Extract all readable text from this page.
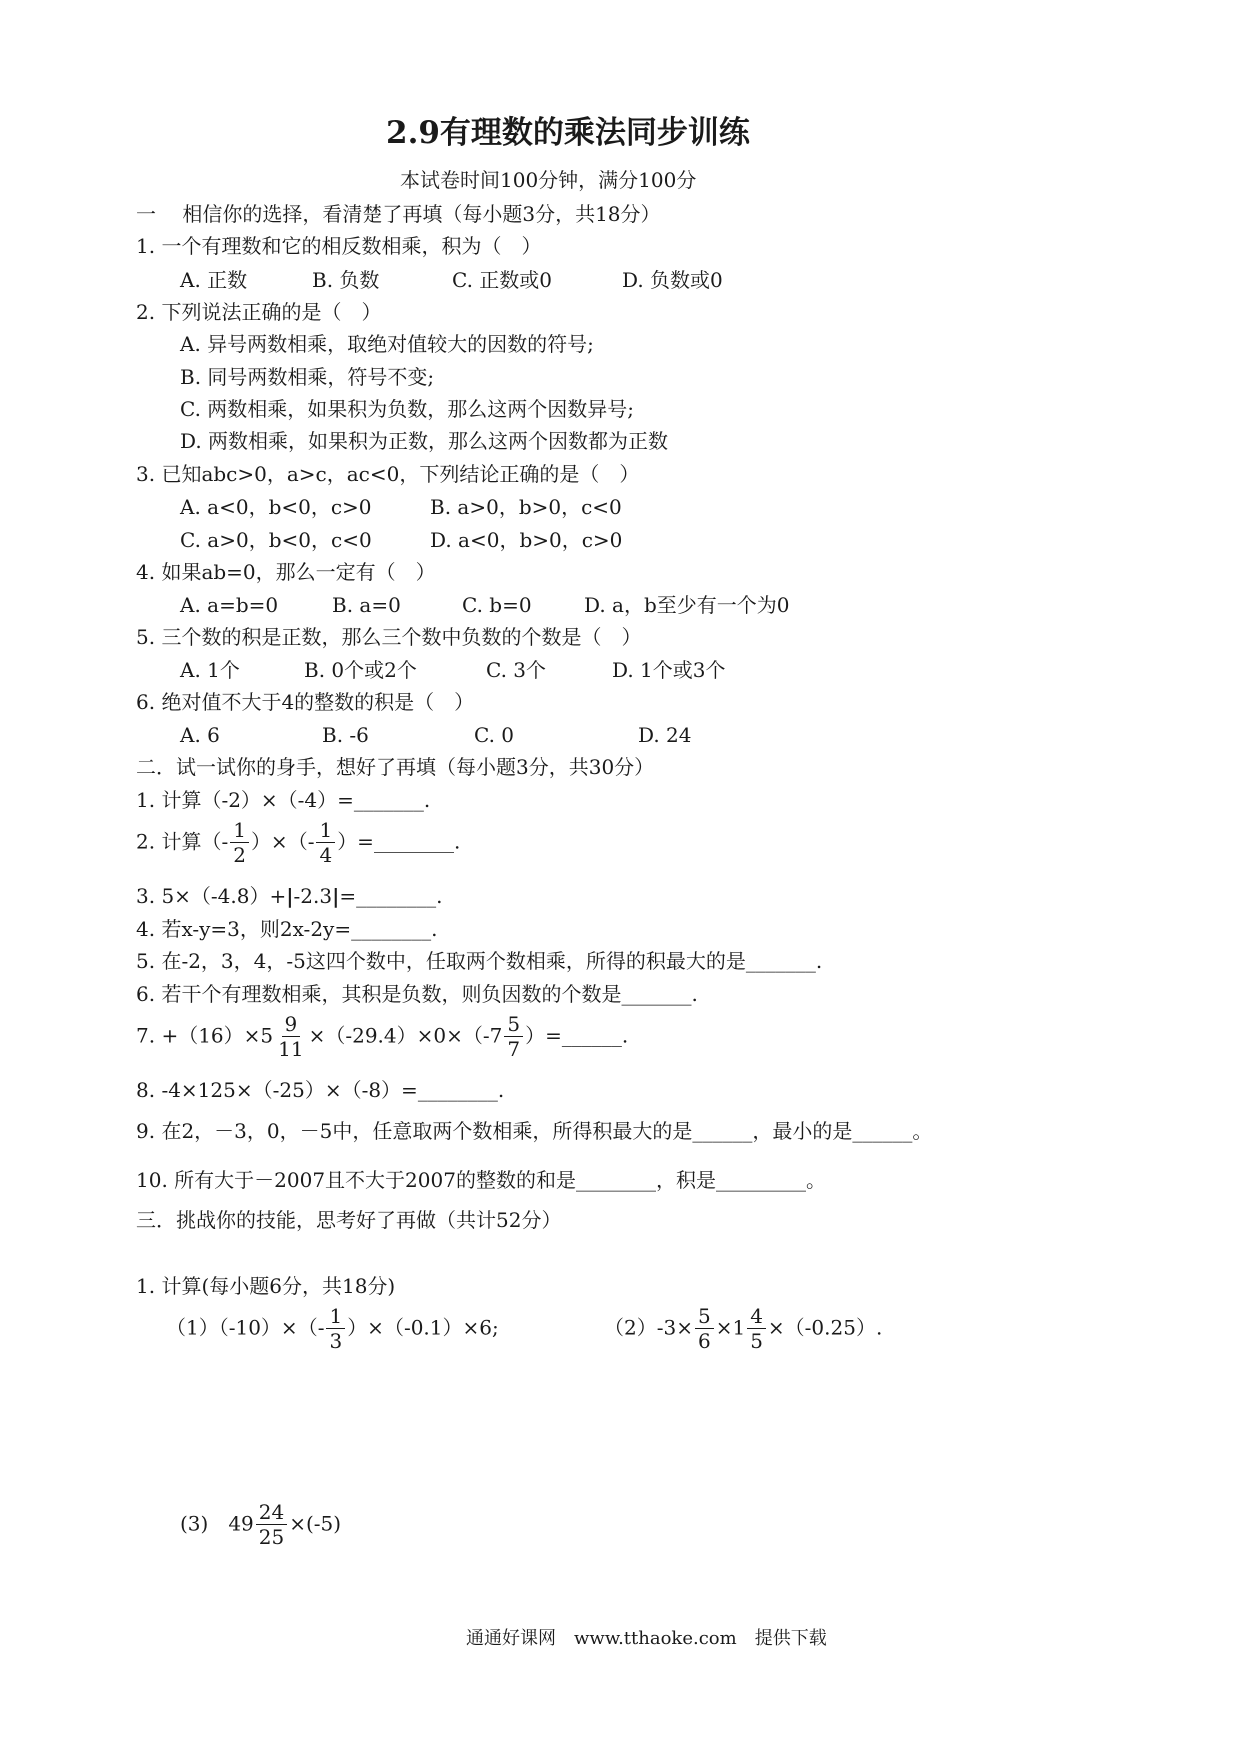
2.9有理数的乘法同步训练
本试卷时间100分钟，满分100分
一　 相信你的选择，看清楚了再填（每小题3分，共18分）
1. 一个有理数和它的相反数相乘，积为（　）
A. 正数	B. 负数	C. 正数或0	D. 负数或0
2. 下列说法正确的是（　）
A. 异号两数相乘，取绝对值较大的因数的符号;
B. 同号两数相乘，符号不变;
C. 两数相乘，如果积为负数，那么这两个因数异号;
D. 两数相乘，如果积为正数，那么这两个因数都为正数
3. 已知abc>0，a>c，ac<0，下列结论正确的是（　）
A. a<0，b<0，c>0	B. a>0，b>0，c<0
C. a>0，b<0，c<0	D. a<0，b>0，c>0
4. 如果ab=0，那么一定有（　）
A. a=b=0	B. a=0	C. b=0	D. a，b至少有一个为0
5. 三个数的积是正数，那么三个数中负数的个数是（　）
A. 1个	B. 0个或2个	C. 3个	D. 1个或3个
6. 绝对值不大于4的整数的积是（　）
A. 6	B. -6	C. 0	D. 24
二．试一试你的身手，想好了再填（每小题3分，共30分）
1. 计算（-2）×（-4）=_______.
2. 计算（- $\frac{1}{2}$ ）×（- $\frac{1}{4}$ ）=________.
3. 5×（-4.8）+|-2.3|=________.
4. 若x-y=3，则2x-2y=________.
5. 在-2，3，4，-5这四个数中，任取两个数相乘，所得的积最大的是_______.
6. 若干个有理数相乘，其积是负数，则负因数的个数是_______.
7. $+(16)\times 5 \frac{9}{11} \times(-29.4)\times 0\times(-7 \frac{5}{7}$ ）=______.
8. -4×125×（-25）×（-8）=________.
9. 在2，－3，0，－5中，任意取两个数相乘，所得积最大的是______，最小的是______。
10. 所有大于－2007且不大于2007的整数的和是________，积是_________。
三．挑战你的技能，思考好了再做（共计52分）
1. 计算(每小题6分，共18分)
$(1)(-10)\times(- \frac{1}{3} )\times(-0.1)\times 6$;	$(2)-3\times \frac{5}{6} \times 1 \frac{4}{5} \times(-0.25)$.
(3)　$49 \frac{24}{25} \times(-5)$
通通好课网　www.tthaoke.com　提供下载
